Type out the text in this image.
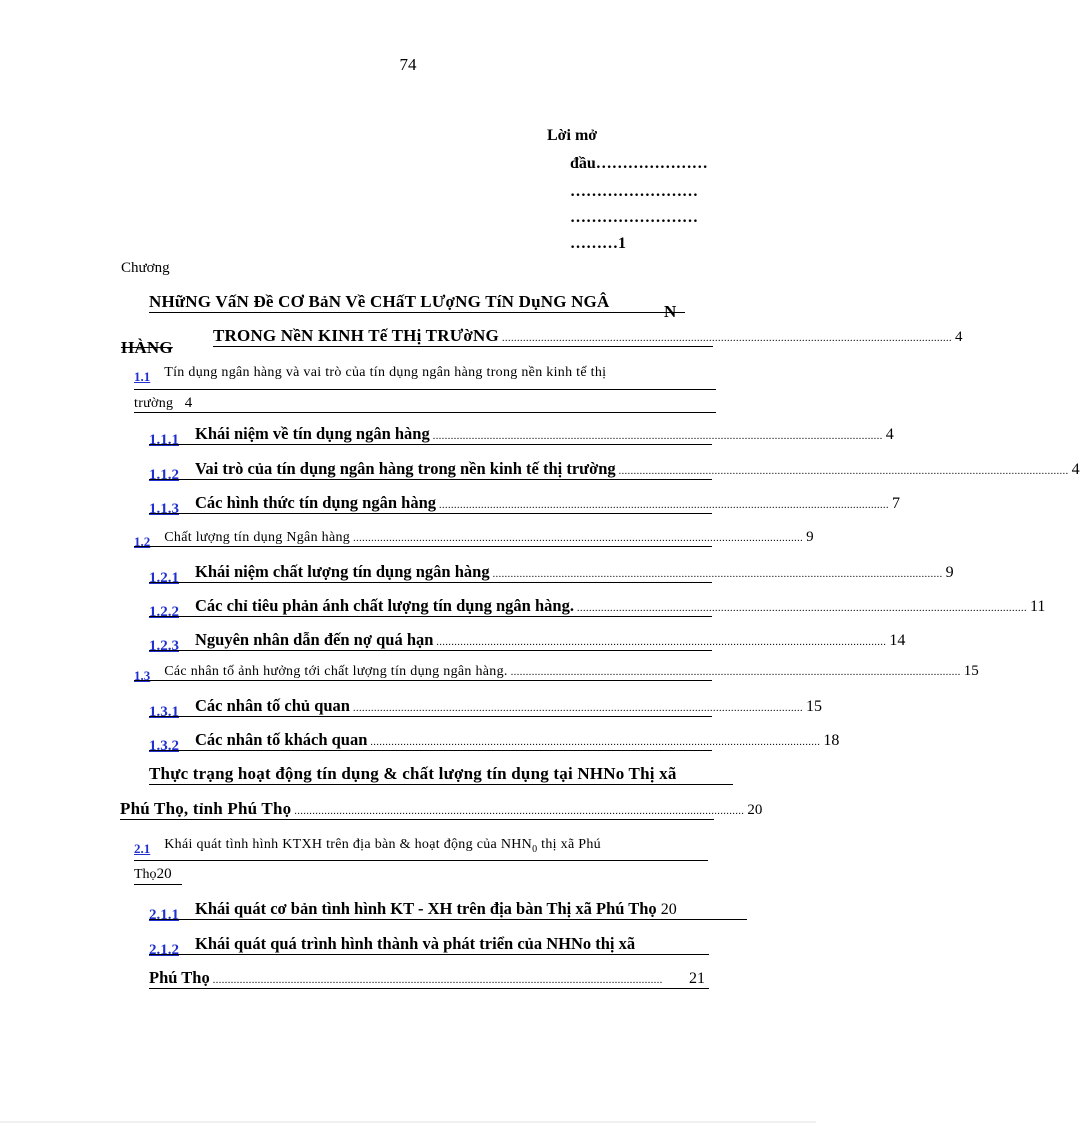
74
Lời mở
đầu…………………
……………………
……………………
………1
Chương
NHữNG VấN Đề CƠ BảN Về CHấT LƯợNG TíN DụNG NGÂ
N
HÀNG
TRONG NềN KINH Tế THị TRƯờNG ...................................................................................................................................................... 4
1.1 Tín dụng ngân hàng và vai trò của tín dụng ngân hàng trong nền kinh tế thị
trường 4
1.1.1 Khái niệm về tín dụng ngân hàng ...................................................................................................................................................... 4
1.1.2 Vai trò của tín dụng ngân hàng trong nền kinh tế thị trường ...................................................................................................................................................... 4
1.1.3 Các hình thức tín dụng ngân hàng ...................................................................................................................................................... 7
1.2 Chất lượng tín dụng Ngân hàng ...................................................................................................................................................... 9
1.2.1 Khái niệm chất lượng tín dụng ngân hàng ...................................................................................................................................................... 9
1.2.2 Các chỉ tiêu phản ánh chất lượng tín dụng ngân hàng. ...................................................................................................................................................... 11
1.2.3 Nguyên nhân dẫn đến nợ quá hạn ...................................................................................................................................................... 14
1.3 Các nhân tố ảnh hưởng tới chất lượng tín dụng ngân hàng. ...................................................................................................................................................... 15
1.3.1 Các nhân tố chủ quan ...................................................................................................................................................... 15
1.3.2 Các nhân tố khách quan ...................................................................................................................................................... 18
Thực trạng hoạt động tín dụng & chất lượng tín dụng tại NHNo Thị xã
Phú Thọ, tỉnh Phú Thọ ...................................................................................................................................................... 20
2.1 Khái quát tình hình KTXH trên địa bàn & hoạt động của $NHN_0$ thị xã Phú
Thọ20
2.1.1 Khái quát cơ bản tình hình KT - XH trên địa bàn Thị xã Phú Thọ 20
2.1.2 Khái quát quá trình hình thành và phát triển của NHNo thị xã
Phú Thọ ......................................................................................................................................................	21
